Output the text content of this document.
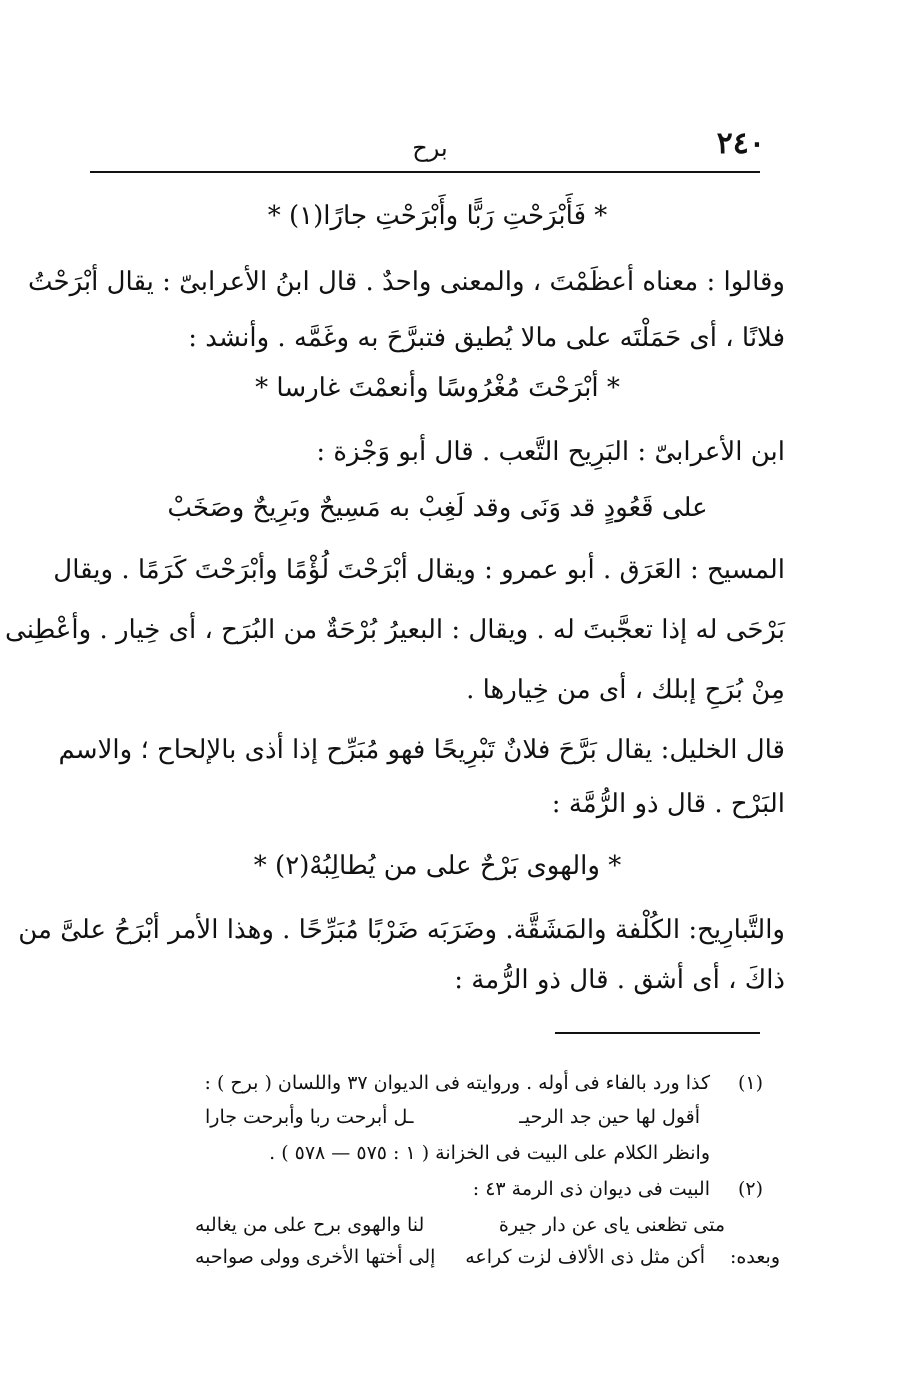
٢٤٠
برح
* فَأَبْرَحْتِ رَبًّا وأَبْرَحْتِ جارًا(١) *
وقالوا : معناه أعظَمْتَ ، والمعنى واحدٌ . قال ابنُ الأعرابىّ : يقال أبْرَحْتُ
فلانًا ، أى حَمَلْتَه على مالا يُطيق فتبرَّحَ به وغَمَّه . وأنشد :
* أبْرَحْتَ مُغْرُوسًا وأنعمْتَ غارسا *
ابن الأعرابىّ : البَرِيح التَّعب . قال أبو وَجْزة :
على قَعُودٍ قد وَنَى وقد لَغِبْ به مَسِيحٌ وبَرِيحٌ وصَخَبْ
المسيح : العَرَق . أبو عمرو : ويقال أبْرَحْتَ لُؤْمًا وأبْرَحْتَ كَرَمًا . ويقال
بَرْحَى له إذا تعجَّبتَ له . ويقال : البعيرُ بُرْحَةٌ من البُرَح ، أى خِيار . وأعْطِنى
مِنْ بُرَحِ إبلك ، أى من خِيارها .
قال الخليل: يقال بَرَّحَ فلانٌ تَبْرِيحًا فهو مُبَرِّح إذا أذى بالإلحاح ؛ والاسم
البَرْح . قال ذو الرُّمَّة :
* والهوى بَرْحٌ على من يُطالِبُهْ(٢) *
والتَّبارِيح: الكُلْفة والمَشَقَّة. وضَرَبَه ضَرْبًا مُبَرِّحًا . وهذا الأمر أبْرَحُ علىَّ من
ذاكَ ، أى أشق . قال ذو الرُّمة :
(١)
كذا ورد بالفاء فى أوله . وروايته فى الديوان ٣٧ واللسان ( برح ) :
أقول لها حين جد الرحيـ
ـل أبرحت ربا وأبرحت جارا
وانظر الكلام على البيت فى الخزانة ( ١ : ٥٧٥ — ٥٧٨ ) .
(٢)
البيت فى ديوان ذى الرمة ٤٣ :
متى تظعنى ياى عن دار جيرة
لنا والهوى برح على من يغالبه
وبعده:
أكن مثل ذى الألاف لزت كراعه
إلى أختها الأخرى وولى صواحبه
